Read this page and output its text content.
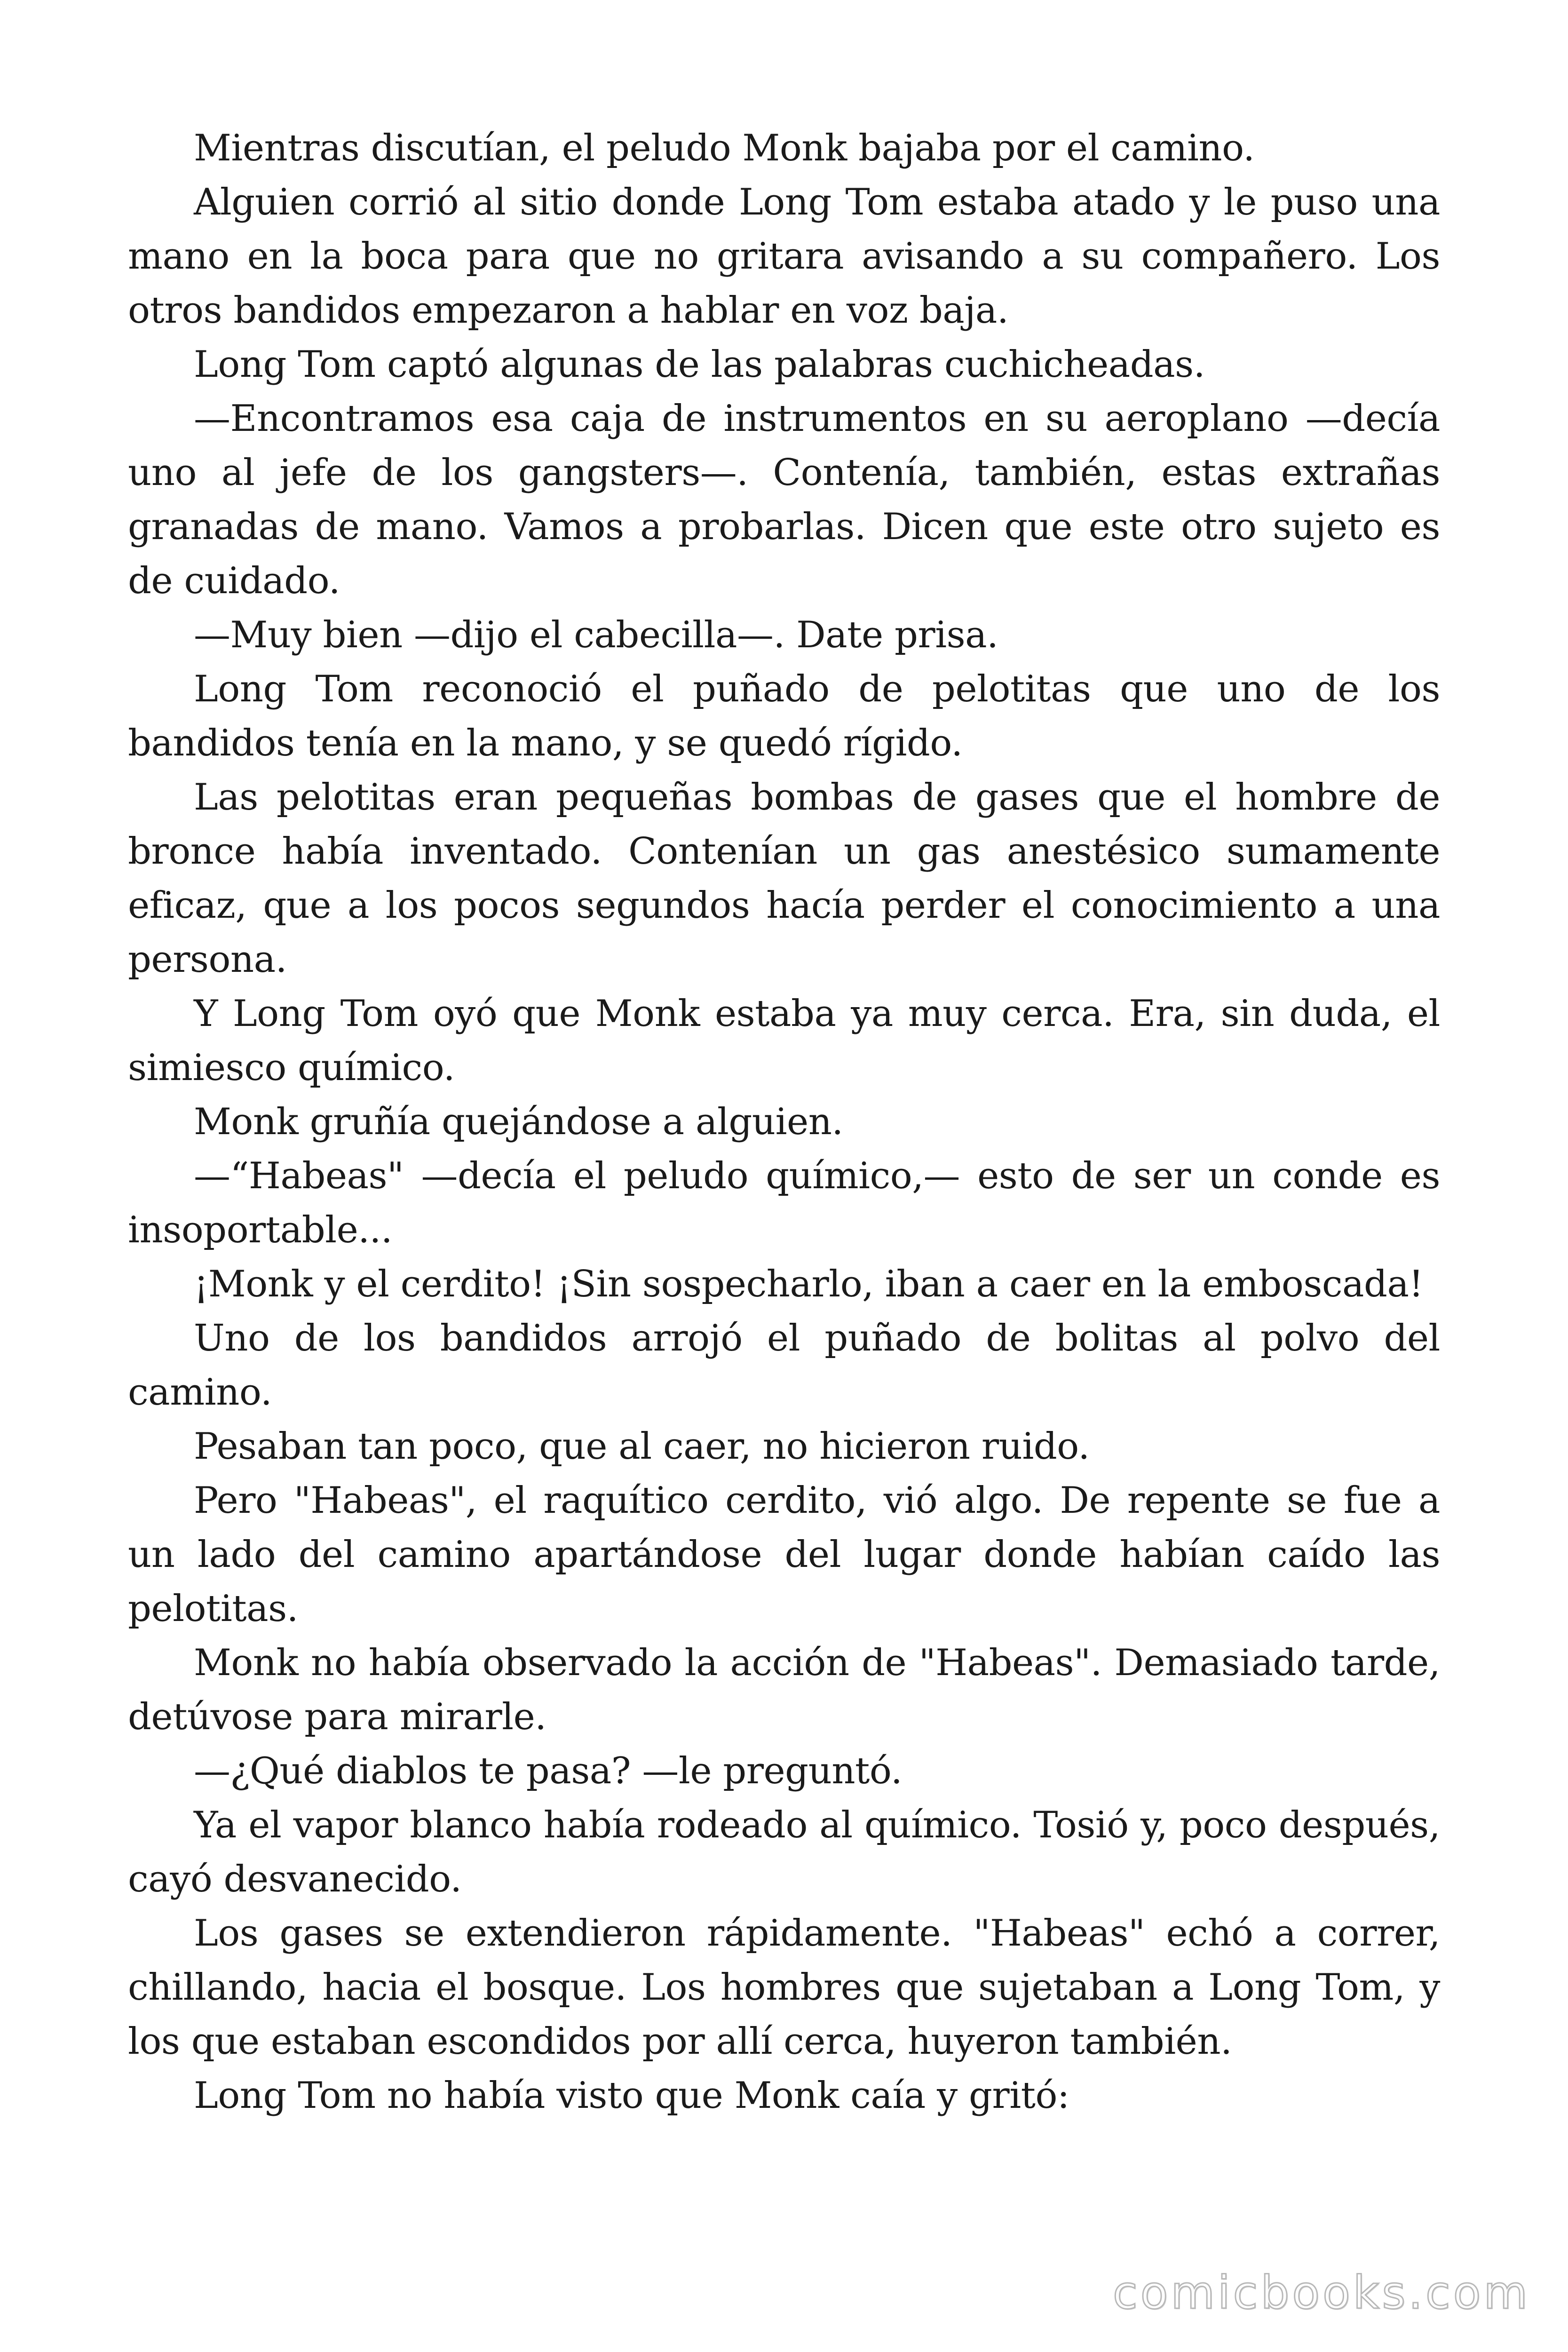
Mientras discutían, el peludo Monk bajaba por el camino.

Alguien corrió al sitio donde Long Tom estaba atado y le puso una mano en la boca para que no gritara avisando a su compañero. Los otros bandidos empezaron a hablar en voz baja.

Long Tom captó algunas de las palabras cuchicheadas.

—Encontramos esa caja de instrumentos en su aeroplano —decía uno al jefe de los gangsters—. Contenía, también, estas extrañas granadas de mano. Vamos a probarlas. Dicen que este otro sujeto es de cuidado.

—Muy bien —dijo el cabecilla—. Date prisa.

Long Tom reconoció el puñado de pelotitas que uno de los bandidos tenía en la mano, y se quedó rígido.

Las pelotitas eran pequeñas bombas de gases que el hombre de bronce había inventado. Contenían un gas anestésico sumamente eficaz, que a los pocos segundos hacía perder el conocimiento a una persona.

Y Long Tom oyó que Monk estaba ya muy cerca. Era, sin duda, el simiesco químico.

Monk gruñía quejándose a alguien.

—“Habeas" —decía el peludo químico,— esto de ser un conde es insoportable...

¡Monk y el cerdito! ¡Sin sospecharlo, iban a caer en la emboscada!

Uno de los bandidos arrojó el puñado de bolitas al polvo del camino.

Pesaban tan poco, que al caer, no hicieron ruido.

Pero "Habeas", el raquítico cerdito, vió algo. De repente se fue a un lado del camino apartándose del lugar donde habían caído las pelotitas.

Monk no había observado la acción de "Habeas". Demasiado tarde, detúvose para mirarle.

—¿Qué diablos te pasa? —le preguntó.

Ya el vapor blanco había rodeado al químico. Tosió y, poco después, cayó desvanecido.

Los gases se extendieron rápidamente. "Habeas" echó a correr, chillando, hacia el bosque. Los hombres que sujetaban a Long Tom, y los que estaban escondidos por allí cerca, huyeron también.

Long Tom no había visto que Monk caía y gritó:

comicbooks.com
